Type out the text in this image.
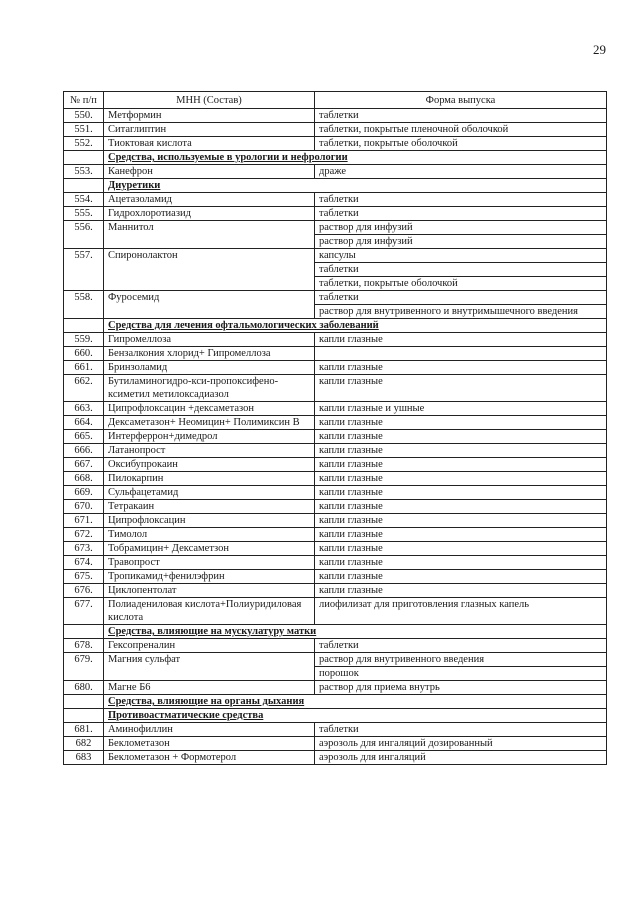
29
№ п/п	МНН (Состав)	Форма выпуска
550.	Метформин	таблетки

551.	Ситаглиптин	таблетки, покрытые пленочной оболочкой

552.	Тиоктовая кислота	таблетки, покрытые оболочкой

	Средства, используемые в урологии и нефрологии	
553.	Канефрон	драже

	Диуретики	
554.	Ацетазоламид	таблетки

555.	Гидрохлоротиазид	таблетки

556.	Маннитол	раствор для инфузий
раствор для инфузий

557.	Спиронолактон	капсулы
таблетки
таблетки, покрытые оболочкой

558.	Фуросемид	таблетки
раствор для внутривенного и внутримышечного введения

	Средства для лечения офтальмологических заболеваний	
559.	Гипромеллоза	капли глазные

660.	Бензалкония хлорид+ Гипромеллоза	

661.	Бринзоламид	капли глазные

662.	Бутиламиногидро-кси-пропоксифено-ксиметил метилоксадиазол	капли глазные

663.	Ципрофлоксацин +дексаметазон	капли глазные и ушные

664.	Дексаметазон+ Неомицин+ Полимиксин В	капли глазные

665.	Интерферрон+димедрол	капли глазные

666.	Латанопрост	капли глазные

667.	Оксибупрокаин	капли глазные

668.	Пилокарпин	капли глазные

669.	Сульфацетамид	капли глазные

670.	Тетракаин	капли глазные

671.	Ципрофлоксацин	капли глазные

672.	Тимолол	капли глазные

673.	Тобрамицин+ Дексаметзон	капли глазные

674.	Травопрост	капли глазные

675.	Тропикамид+фенилэфрин	капли глазные

676.	Циклопентолат	капли глазные

677.	Полиадениловая кислота+Полиуридиловая кислота	лиофилизат для приготовления глазных капель

	Средства, влияющие на мускулатуру матки	
678.	Гексопреналин	таблетки

679.	Магния сульфат	раствор для внутривенного введения
порошок

680.	Магне Б6	раствор для приема внутрь

	Средства, влияющие на органы дыхания	
	Противоастматические средства	
681.	Аминофиллин	таблетки

682	Беклометазон	аэрозоль для ингаляций дозированный

683	Беклометазон + Формотерол	аэрозоль для ингаляций
